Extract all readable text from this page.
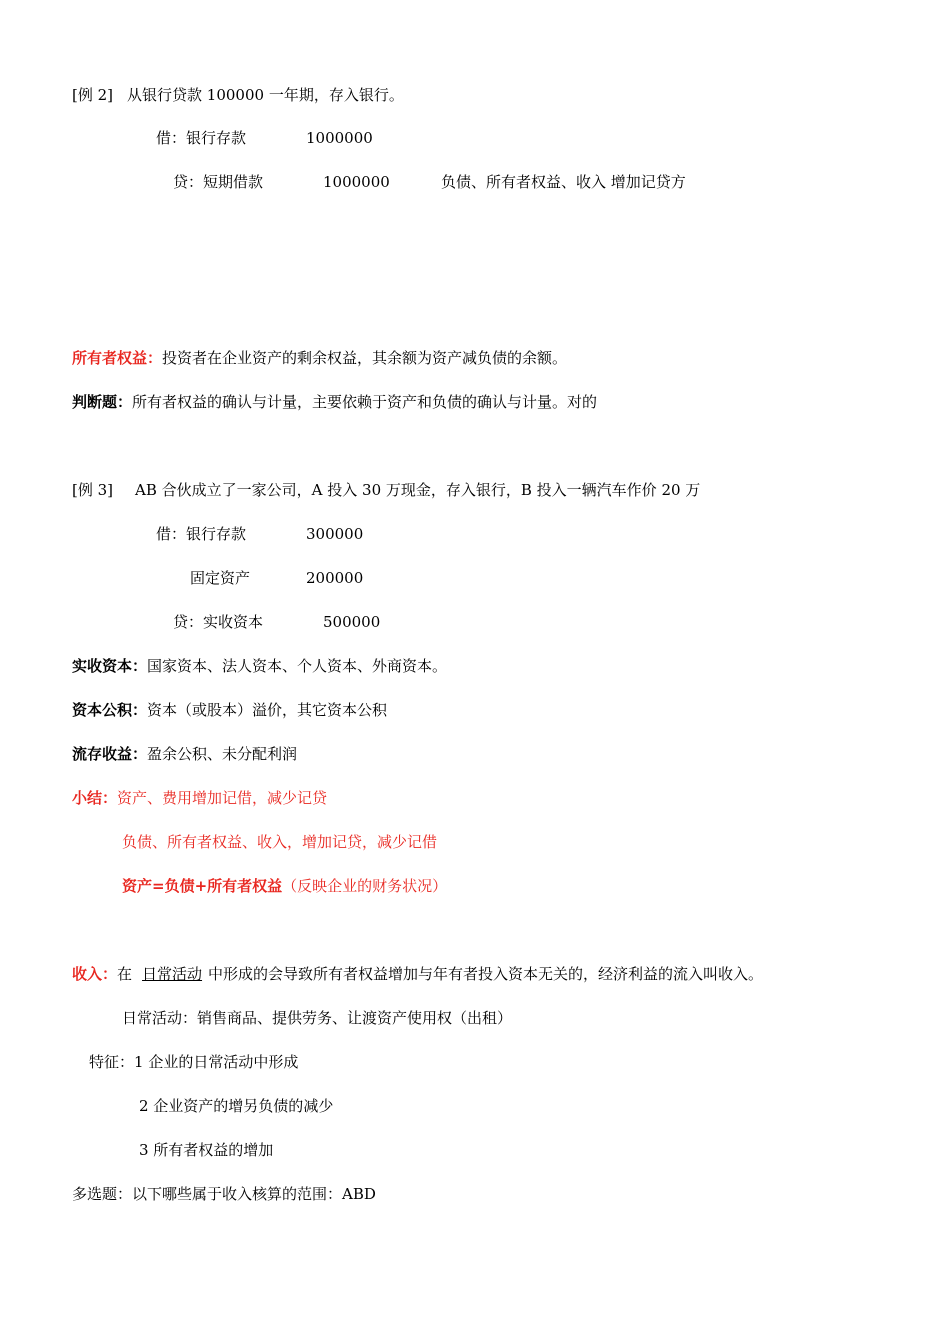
[例 2] 从银行贷款 100000 一年期，存入银行。
借：银行存款	1000000
贷：短期借款	1000000	负债、所有者权益、收入 增加记贷方
所有者权益：投资者在企业资产的剩余权益，其余额为资产减负债的余额。
判断题：所有者权益的确认与计量，主要依赖于资产和负债的确认与计量。对的
[例 3] AB 合伙成立了一家公司，A 投入 30 万现金，存入银行，B 投入一辆汽车作价 20 万
借：银行存款	300000
固定资产	200000
贷：实收资本	500000
实收资本：国家资本、法人资本、个人资本、外商资本。
资本公积：资本（或股本）溢价，其它资本公积
流存收益：盈余公积、未分配利润
小结：资产、费用增加记借，减少记贷
负债、所有者权益、收入，增加记贷，减少记借
资产=负债+所有者权益（反映企业的财务状况）
收入：在 日常活动 中形成的会导致所有者权益增加与年有者投入资本无关的，经济利益的流入叫收入。
日常活动：销售商品、提供劳务、让渡资产使用权（出租）
特征：1 企业的日常活动中形成
2 企业资产的增另负债的减少
3 所有者权益的增加
多选题：以下哪些属于收入核算的范围：ABD
